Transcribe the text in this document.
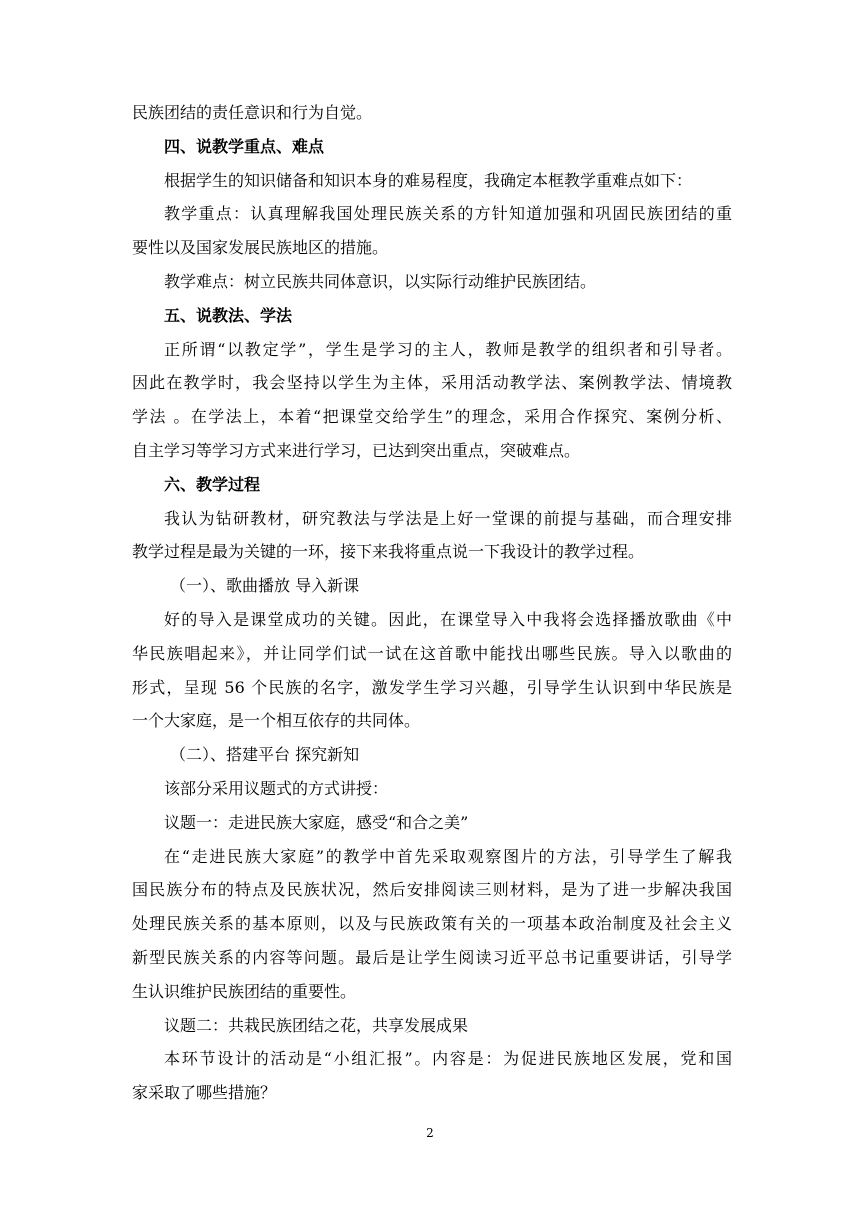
民族团结的责任意识和行为自觉。
四、说教学重点、难点
根据学生的知识储备和知识本身的难易程度，我确定本框教学重难点如下：
教学重点：认真理解我国处理民族关系的方针知道加强和巩固民族团结的重
要性以及国家发展民族地区的措施。
教学难点：树立民族共同体意识，以实际行动维护民族团结。
五、说教法、学法
正所谓“以教定学”，学生是学习的主人，教师是教学的组织者和引导者。
因此在教学时，我会坚持以学生为主体，采用活动教学法、案例教学法、情境教
学法 。在学法上，本着“把课堂交给学生”的理念，采用合作探究、案例分析、
自主学习等学习方式来进行学习，已达到突出重点，突破难点。
六、教学过程
我认为钻研教材，研究教法与学法是上好一堂课的前提与基础，而合理安排
教学过程是最为关键的一环，接下来我将重点说一下我设计的教学过程。
（一）、歌曲播放 导入新课
好的导入是课堂成功的关键。因此，在课堂导入中我将会选择播放歌曲《中
华民族唱起来》，并让同学们试一试在这首歌中能找出哪些民族。导入以歌曲的
形式，呈现 56 个民族的名字，激发学生学习兴趣，引导学生认识到中华民族是
一个大家庭，是一个相互依存的共同体。
（二）、搭建平台 探究新知
该部分采用议题式的方式讲授：
议题一：走进民族大家庭，感受“和合之美”
在“走进民族大家庭”的教学中首先采取观察图片的方法，引导学生了解我
国民族分布的特点及民族状况，然后安排阅读三则材料，是为了进一步解决我国
处理民族关系的基本原则，以及与民族政策有关的一项基本政治制度及社会主义
新型民族关系的内容等问题。最后是让学生阅读习近平总书记重要讲话，引导学
生认识维护民族团结的重要性。
议题二：共栽民族团结之花，共享发展成果
本环节设计的活动是“小组汇报”。内容是：为促进民族地区发展，党和国
家采取了哪些措施？
2
